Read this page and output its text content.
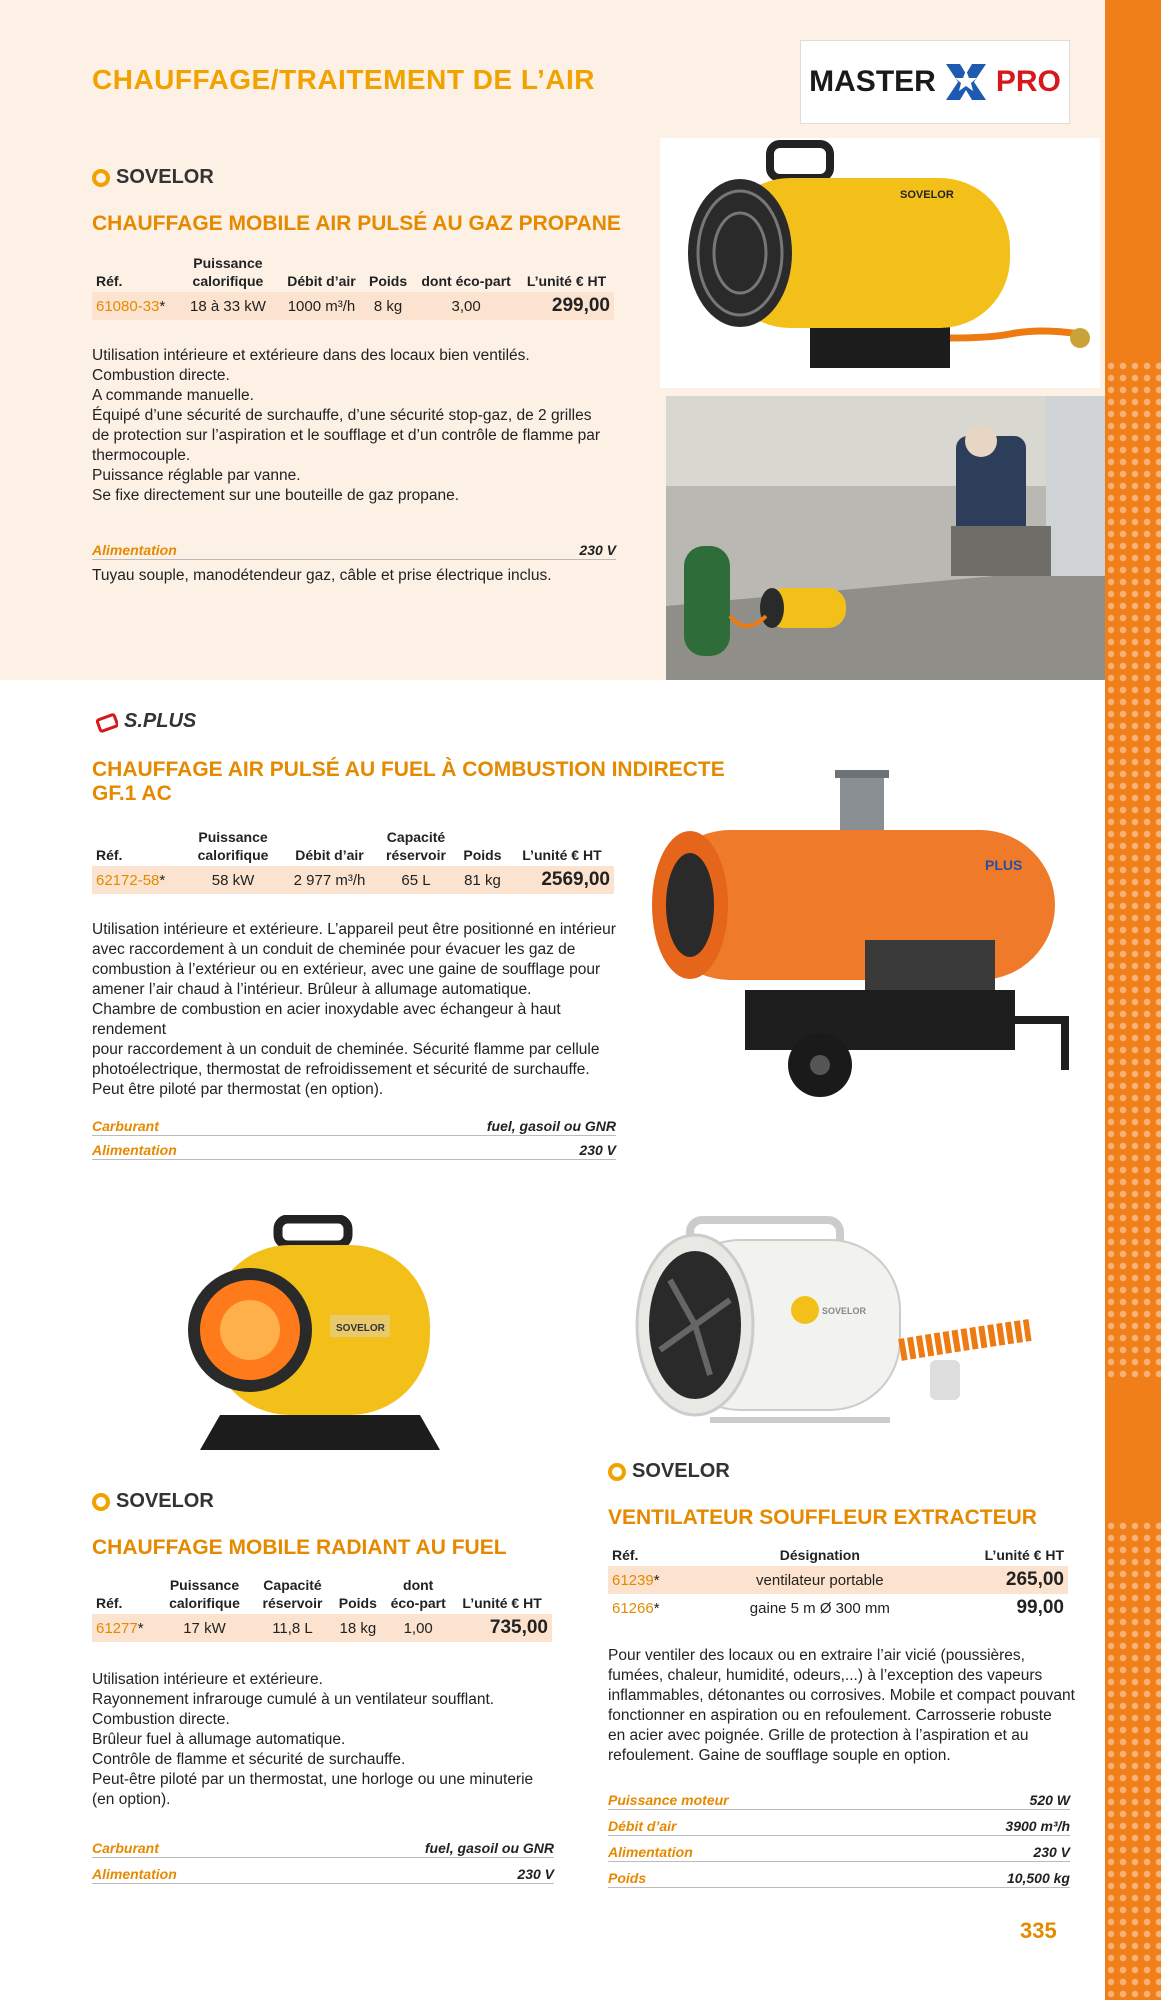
CHAUFFAGE/TRAITEMENT DE L’AIR	MASTER PRO
SOVELOR
CHAUFFAGE MOBILE AIR PULSÉ AU GAZ PROPANE
Réf.	Puissance calorifique	Débit d’air	Poids	dont éco-part	L’unité € HT
61080-33*	18 à 33 kW	1000 m³/h	8 kg	3,00	299,00
Utilisation intérieure et extérieure dans des locaux bien ventilés.
Combustion directe.
A commande manuelle.
Équipé d’une sécurité de surchauffe, d’une sécurité stop-gaz, de 2 grilles
de protection sur l’aspiration et le soufflage et d’un contrôle de flamme par
thermocouple.
Puissance réglable par vanne.
Se fixe directement sur une bouteille de gaz propane.
Alimentation	230 V
Tuyau souple, manodétendeur gaz, câble et prise électrique inclus.
SOVELOR
S.PLUS
CHAUFFAGE AIR PULSÉ AU FUEL À COMBUSTION INDIRECTE
GF.1 AC
Réf.	Puissance calorifique	Débit d’air	Capacité réservoir	Poids	L’unité € HT
62172-58*	58 kW	2 977 m³/h	65 L	81 kg	2569,00
Utilisation intérieure et extérieure. L’appareil peut être positionné en intérieur
avec raccordement à un conduit de cheminée pour évacuer les gaz de
combustion à l’extérieur ou en extérieur, avec une gaine de soufflage pour
amener l’air chaud à l’intérieur. Brûleur à allumage automatique.
Chambre de combustion en acier inoxydable avec échangeur à haut rendement
pour raccordement à un conduit de cheminée. Sécurité flamme par cellule
photoélectrique, thermostat de refroidissement et sécurité de surchauffe.
Peut être piloté par thermostat (en option).
Carburant	fuel, gasoil ou GNR
Alimentation	230 V
PLUS
SOVELOR
SOVELOR
CHAUFFAGE MOBILE RADIANT AU FUEL
Réf.	Puissance calorifique	Capacité réservoir	Poids	dont éco-part	L’unité € HT
61277*	17 kW	11,8 L	18 kg	1,00	735,00
Utilisation intérieure et extérieure.
Rayonnement infrarouge cumulé à un ventilateur soufflant.
Combustion directe.
Brûleur fuel à allumage automatique.
Contrôle de flamme et sécurité de surchauffe.
Peut-être piloté par un thermostat, une horloge ou une minuterie
(en option).
Carburant	fuel, gasoil ou GNR
Alimentation	230 V
SOVELOR
SOVELOR
VENTILATEUR SOUFFLEUR EXTRACTEUR
Réf.	Désignation	L’unité € HT
61239*	ventilateur portable	265,00
61266*	gaine 5 m Ø 300 mm	99,00
Pour ventiler des locaux ou en extraire l’air vicié (poussières,
fumées, chaleur, humidité, odeurs,...) à l’exception des vapeurs
inflammables, détonantes ou corrosives. Mobile et compact pouvant
fonctionner en aspiration ou en refoulement. Carrosserie robuste
en acier avec poignée. Grille de protection à l’aspiration et au
refoulement. Gaine de soufflage souple en option.
Puissance moteur	520 W
Débit d’air	3900 m³/h
Alimentation	230 V
Poids	10,500 kg
335
